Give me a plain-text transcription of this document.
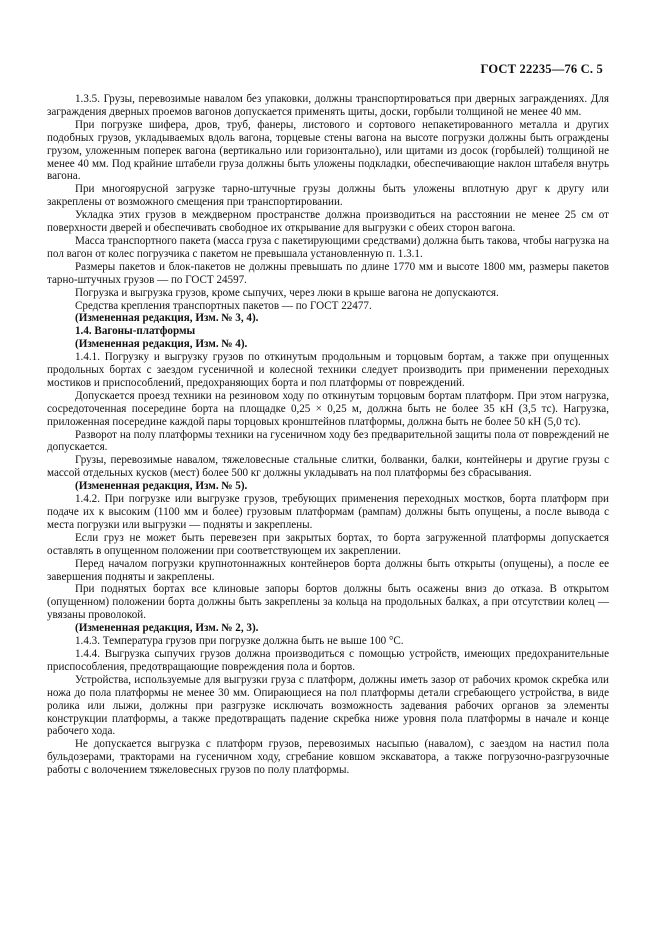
ГОСТ 22235—76 С. 5

1.3.5. Грузы, перевозимые навалом без упаковки, должны транспортироваться при дверных заграждениях. Для заграждения дверных проемов вагонов допускается применять щиты, доски, горбыли толщиной не менее 40 мм.

При погрузке шифера, дров, труб, фанеры, листового и сортового непакетированного металла и других подобных грузов, укладываемых вдоль вагона, торцевые стены вагона на высоте погрузки должны быть ограждены грузом, уложенным поперек вагона (вертикально или горизонтально), или щитами из досок (горбылей) толщиной не менее 40 мм. Под крайние штабели груза должны быть уложены подкладки, обеспечивающие наклон штабеля внутрь вагона.

При многоярусной загрузке тарно-штучные грузы должны быть уложены вплотную друг к другу или закреплены от возможного смещения при транспортировании.

Укладка этих грузов в междверном пространстве должна производиться на расстоянии не менее 25 см от поверхности дверей и обеспечивать свободное их открывание для выгрузки с обеих сторон вагона.

Масса транспортного пакета (масса груза с пакетирующими средствами) должна быть такова, чтобы нагрузка на пол вагон от колес погрузчика с пакетом не превышала установленную п. 1.3.1.

Размеры пакетов и блок-пакетов не должны превышать по длине 1770 мм и высоте 1800 мм, размеры пакетов тарно-штучных грузов — по ГОСТ 24597.

Погрузка и выгрузка грузов, кроме сыпучих, через люки в крыше вагона не допускаются.

Средства крепления транспортных пакетов — по ГОСТ 22477.

(Измененная редакция, Изм. № 3, 4).

1.4. Вагоны-платформы

(Измененная редакция, Изм. № 4).

1.4.1. Погрузку и выгрузку грузов по откинутым продольным и торцовым бортам, а также при опущенных продольных бортах с заездом гусеничной и колесной техники следует производить при применении переходных мостиков и приспособлений, предохраняющих борта и пол платформы от повреждений.

Допускается проезд техники на резиновом ходу по откинутым торцовым бортам платформ. При этом нагрузка, сосредоточенная посередине борта на площадке 0,25 × 0,25 м, должна быть не более 35 кН (3,5 тс). Нагрузка, приложенная посередине каждой пары торцовых кронштейнов платформы, должна быть не более 50 кН (5,0 тс).

Разворот на полу платформы техники на гусеничном ходу без предварительной защиты пола от повреждений не допускается.

Грузы, перевозимые навалом, тяжеловесные стальные слитки, болванки, балки, контейнеры и другие грузы с массой отдельных кусков (мест) более 500 кг должны укладывать на пол платформы без сбрасывания.

(Измененная редакция, Изм. № 5).

1.4.2. При погрузке или выгрузке грузов, требующих применения переходных мостков, борта платформ при подаче их к высоким (1100 мм и более) грузовым платформам (рампам) должны быть опущены, а после вывода с места погрузки или выгрузки — подняты и закреплены.

Если груз не может быть перевезен при закрытых бортах, то борта загруженной платформы допускается оставлять в опущенном положении при соответствующем их закреплении.

Перед началом погрузки крупнотоннажных контейнеров борта должны быть открыты (опущены), а после ее завершения подняты и закреплены.

При поднятых бортах все клиновые запоры бортов должны быть осажены вниз до отказа. В открытом (опущенном) положении борта должны быть закреплены за кольца на продольных балках, а при отсутствии колец — увязаны проволокой.

(Измененная редакция, Изм. № 2, 3).

1.4.3. Температура грузов при погрузке должна быть не выше 100 °С.

1.4.4. Выгрузка сыпучих грузов должна производиться с помощью устройств, имеющих предохранительные приспособления, предотвращающие повреждения пола и бортов.

Устройства, используемые для выгрузки груза с платформ, должны иметь зазор от рабочих кромок скребка или ножа до пола платформы не менее 30 мм. Опирающиеся на пол платформы детали сгребающего устройства, в виде ролика или лыжи, должны при разгрузке исключать возможность задевания рабочих органов за элементы конструкции платформы, а также предотвращать падение скребка ниже уровня пола платформы в начале и конце рабочего хода.

Не допускается выгрузка с платформ грузов, перевозимых насыпью (навалом), с заездом на настил пола бульдозерами, тракторами на гусеничном ходу, сгребание ковшом экскаватора, а также погрузочно-разгрузочные работы с волочением тяжеловесных грузов по полу платформы.
